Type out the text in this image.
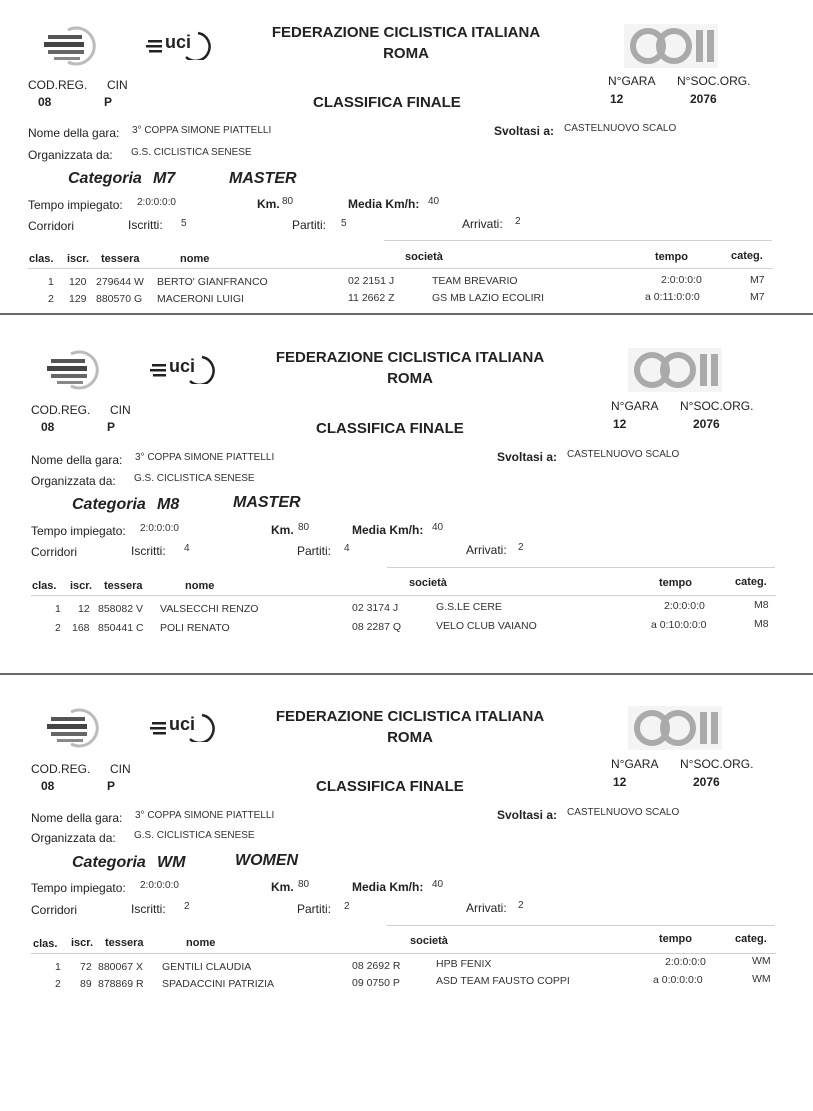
uci	FEDERAZIONE CICLISTICA ITALIANA
ROMA
COD.REG. CIN
08	P	CLASSIFICA FINALE
N°GARA N°SOC.ORG.
12	2076
Nome della gara: 3° COPPA SIMONE PIATTELLI	Svoltasi a: CASTELNUOVO SCALO
Organizzata da: G.S. CICLISTICA SENESE
Categoria M7	MASTER
Tempo impiegato: 2:0:0:0:0	Km. 80	Media Km/h: 40
Corridori	Iscritti: 5	Partiti: 5	Arrivati: 2
clas. iscr. tessera	nome	società	tempo	categ.
1 120 279644 W BERTO' GIANFRANCO	02 2151 J	TEAM BREVARIO	2:0:0:0:0	M7
2 129 880570 G MACERONI LUIGI	11 2662 Z	GS MB LAZIO ECOLIRI	a 0:11:0:0:0	M7
uci	FEDERAZIONE CICLISTICA ITALIANA
ROMA
COD.REG. CIN
08	P	CLASSIFICA FINALE
N°GARA N°SOC.ORG.
12	2076
Nome della gara: 3° COPPA SIMONE PIATTELLI	Svoltasi a: CASTELNUOVO SCALO
Organizzata da: G.S. CICLISTICA SENESE
Categoria M8	MASTER
Tempo impiegato: 2:0:0:0:0	Km. 80	Media Km/h: 40
Corridori	Iscritti: 4	Partiti: 4	Arrivati: 2
clas. iscr. tessera	nome	società	tempo	categ.
1 12 858082 V VALSECCHI RENZO	02 3174 J	G.S.LE CERE	2:0:0:0:0	M8
2 168 850441 C POLI RENATO	08 2287 Q	VELO CLUB VAIANO	a 0:10:0:0:0	M8
uci	FEDERAZIONE CICLISTICA ITALIANA
ROMA
COD.REG. CIN
08	P	CLASSIFICA FINALE
N°GARA N°SOC.ORG.
12	2076
Nome della gara: 3° COPPA SIMONE PIATTELLI	Svoltasi a: CASTELNUOVO SCALO
Organizzata da: G.S. CICLISTICA SENESE
Categoria WM	WOMEN
Tempo impiegato: 2:0:0:0:0	Km. 80	Media Km/h: 40
Corridori	Iscritti: 2	Partiti: 2	Arrivati: 2
clas. iscr. tessera	nome	società	tempo	categ.
1 72 880067 X GENTILI CLAUDIA	08 2692 R	HPB FENIX	2:0:0:0:0	WM
2 89 878869 R SPADACCINI PATRIZIA	09 0750 P	ASD TEAM FAUSTO COPPI	a 0:0:0:0:0	WM
